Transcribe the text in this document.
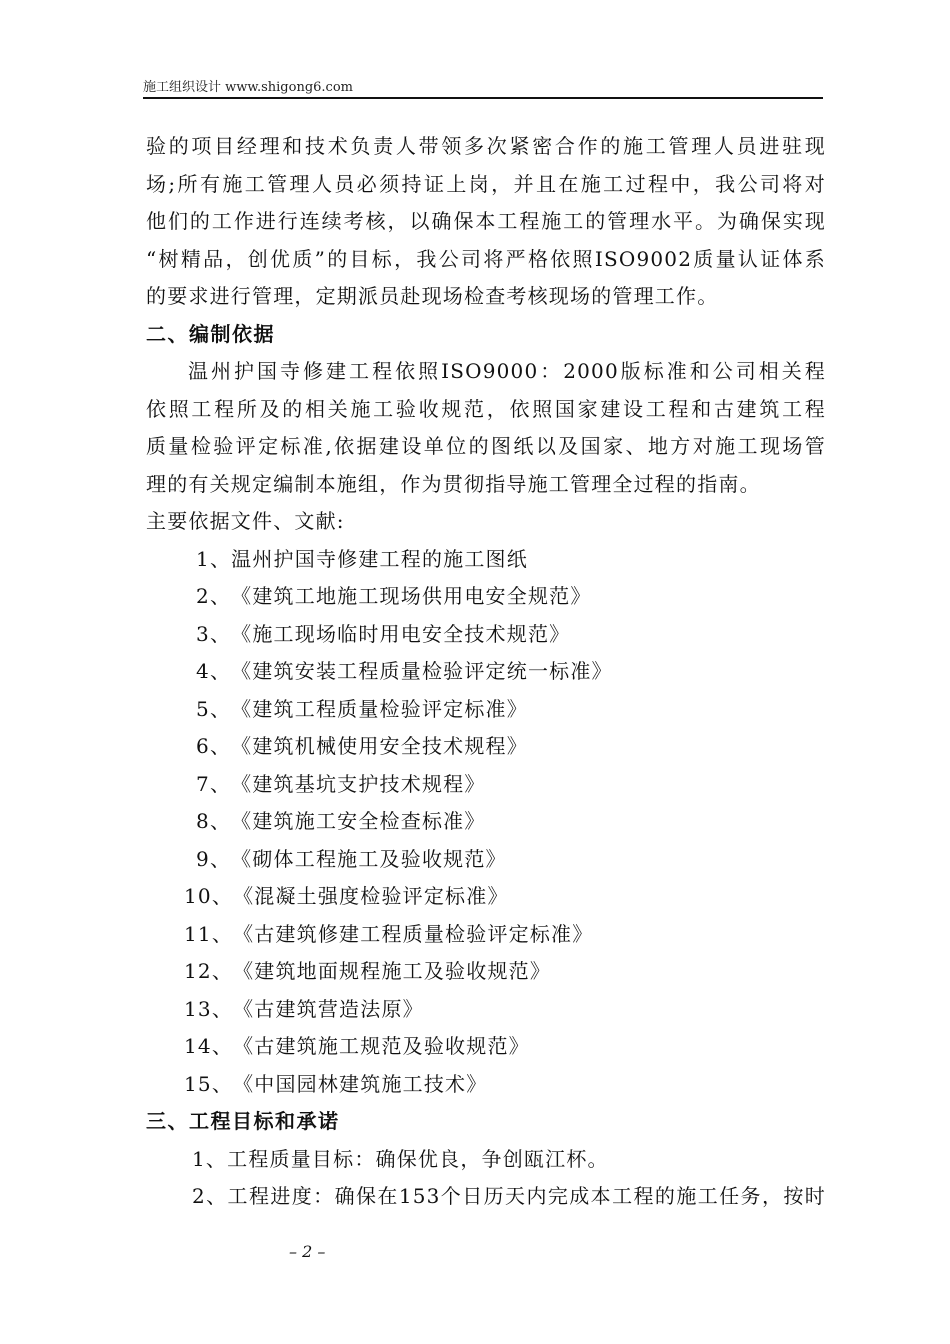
施工组织设计 www.shigong6.com
验的项目经理和技术负责人带领多次紧密合作的施工管理人员进驻现
场;所有施工管理人员必须持证上岗，并且在施工过程中，我公司将对
他们的工作进行连续考核，以确保本工程施工的管理水平。为确保实现
“树精品，创优质”的目标，我公司将严格依照ISO9002质量认证体系
的要求进行管理，定期派员赴现场检查考核现场的管理工作。
二、编制依据
温州护国寺修建工程依照ISO9000：2000版标准和公司相关程
依照工程所及的相关施工验收规范，依照国家建设工程和古建筑工程
质量检验评定标准,依据建设单位的图纸以及国家、地方对施工现场管
理的有关规定编制本施组，作为贯彻指导施工管理全过程的指南。
主要依据文件、文献:
1、温州护国寺修建工程的施工图纸
2、《建筑工地施工现场供用电安全规范》
3、《施工现场临时用电安全技术规范》
4、《建筑安装工程质量检验评定统一标准》
5、《建筑工程质量检验评定标准》
6、《建筑机械使用安全技术规程》
7、《建筑基坑支护技术规程》
8、《建筑施工安全检查标准》
9、《砌体工程施工及验收规范》
10、《混凝土强度检验评定标准》
11、《古建筑修建工程质量检验评定标准》
12、《建筑地面规程施工及验收规范》
13、《古建筑营造法原》
14、《古建筑施工规范及验收规范》
15、《中国园林建筑施工技术》
三、工程目标和承诺
1、工程质量目标：确保优良，争创瓯江杯。
2、工程进度：确保在153个日历天内完成本工程的施工任务，按时
– 2 –
